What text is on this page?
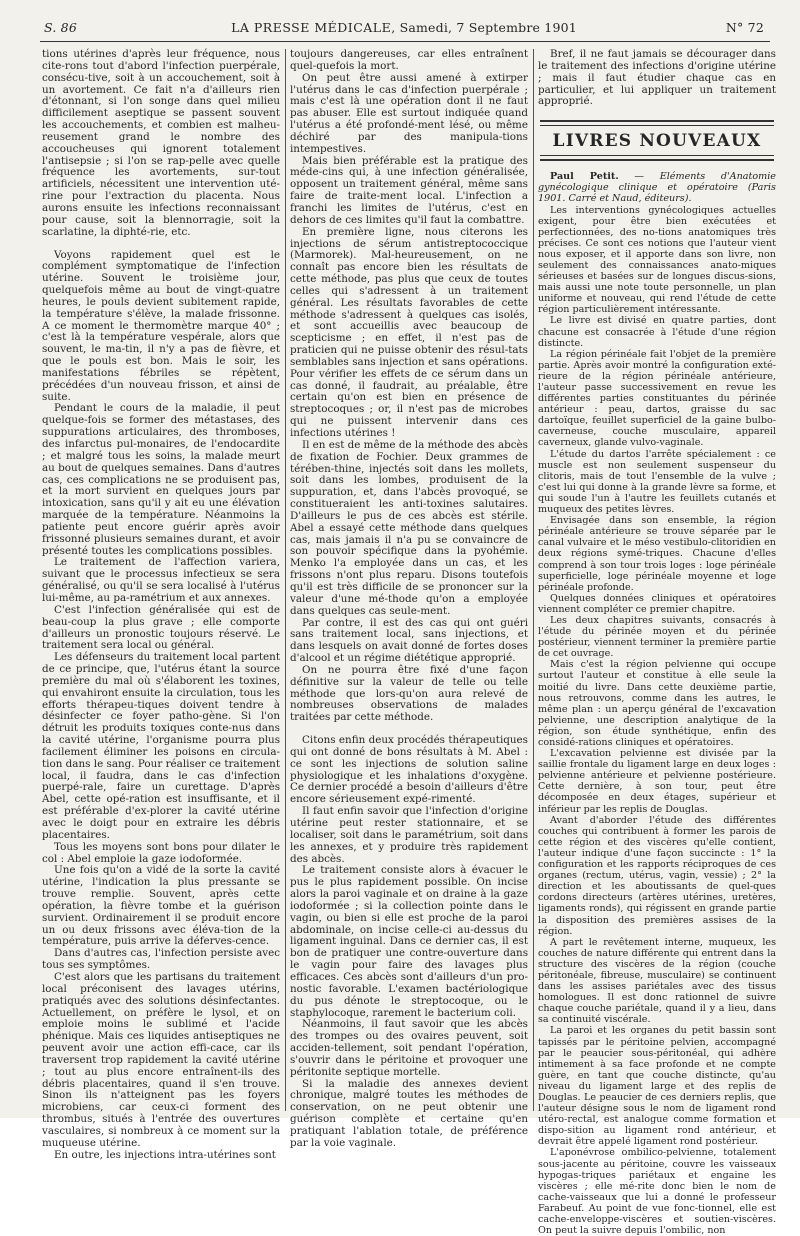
S. 86	LA PRESSE MÉDICALE, Samedi, 7 Septembre 1901	N° 72

tions utérines d'après leur fréquence, nous cite-rons tout d'abord l'infection puerpérale, consécu-tive, soit à un accouchement, soit à un avortement. Ce fait n'a d'ailleurs rien d'étonnant, si l'on songe dans quel milieu difficilement aseptique se passent souvent les accouchements, et combien est malheu-reusement grand le nombre des accoucheuses qui ignorent totalement l'antisepsie ; si l'on se rap-pelle avec quelle fréquence les avortements, sur-tout artificiels, nécessitent une intervention uté-rine pour l'extraction du placenta. Nous aurons ensuite les infections reconnaissant pour cause, soit la blennorragie, soit la scarlatine, la diphté-rie, etc.

Voyons rapidement quel est le complément symptomatique de l'infection utérine. Souvent le troisième jour, quelquefois même au bout de vingt-quatre heures, le pouls devient subitement rapide, la température s'élève, la malade frissonne. A ce moment le thermomètre marque 40° ; c'est là la température vespérale, alors que souvent, le ma-tin, il n'y a pas de fièvre, et que le pouls est bon. Mais le soir, les manifestations fébriles se répètent, précédées d'un nouveau frisson, et ainsi de suite.

Pendant le cours de la maladie, il peut quelque-fois se former des métastases, des suppurations articulaires, des thromboses, des infarctus pul-monaires, de l'endocardite ; et malgré tous les soins, la malade meurt au bout de quelques semaines. Dans d'autres cas, ces complications ne se produisent pas, et la mort survient en quelques jours par intoxication, sans qu'il y ait eu une élévation marquée de la température. Néanmoins la patiente peut encore guérir après avoir frissonné plusieurs semaines durant, et avoir présenté toutes les complications possibles.

Le traitement de l'affection variera, suivant que le processus infectieux se sera généralisé, ou qu'il se sera localisé à l'utérus lui-même, au pa-ramétrium et aux annexes.

C'est l'infection généralisée qui est de beau-coup la plus grave ; elle comporte d'ailleurs un pronostic toujours réservé. Le traitement sera local ou général.

Les défenseurs du traitement local partent de ce principe, que, l'utérus étant la source première du mal où s'élaborent les toxines, qui envahiront ensuite la circulation, tous les efforts thérapeu-tiques doivent tendre à désinfecter ce foyer patho-gène. Si l'on détruit les produits toxiques conte-nus dans la cavité utérine, l'organisme pourra plus facilement éliminer les poisons en circula-tion dans le sang. Pour réaliser ce traitement local, il faudra, dans le cas d'infection puerpé-rale, faire un curettage. D'après Abel, cette opé-ration est insuffisante, et il est préférable d'ex-plorer la cavité utérine avec le doigt pour en extraire les débris placentaires.

Tous les moyens sont bons pour dilater le col : Abel emploie la gaze iodoformée.

Une fois qu'on a vidé de la sorte la cavité utérine, l'indication la plus pressante se trouve remplie. Souvent, après cette opération, la fièvre tombe et la guérison survient. Ordinairement il se produit encore un ou deux frissons avec éléva-tion de la température, puis arrive la déferves-cence.

Dans d'autres cas, l'infection persiste avec tous ses symptômes.

C'est alors que les partisans du traitement local préconisent des lavages utérins, pratiqués avec des solutions désinfectantes. Actuellement, on préfère le lysol, et on emploie moins le sublimé et l'acide phénique. Mais ces liquides antiseptiques ne peuvent avoir une action effi-cace, car ils traversent trop rapidement la cavité utérine ; tout au plus encore entraînent-ils des débris placentaires, quand il s'en trouve. Sinon ils n'atteignent pas les foyers microbiens, car ceux-ci forment des thrombus, situés à l'entrée des ouvertures vasculaires, si nombreux à ce moment sur la muqueuse utérine.

En outre, les injections intra-utérines sont

toujours dangereuses, car elles entraînent quel-quefois la mort.

On peut être aussi amené à extirper l'utérus dans le cas d'infection puerpérale ; mais c'est là une opération dont il ne faut pas abuser. Elle est surtout indiquée quand l'utérus a été profondé-ment lésé, ou même déchiré par des manipula-tions intempestives.

Mais bien préférable est la pratique des méde-cins qui, à une infection généralisée, opposent un traitement général, même sans faire de traite-ment local. L'infection a franchi les limites de l'utérus, c'est en dehors de ces limites qu'il faut la combattre.

En première ligne, nous citerons les injections de sérum antistreptococcique (Marmorek). Mal-heureusement, on ne connaît pas encore bien les résultats de cette méthode, pas plus que ceux de toutes celles qui s'adressent à un traitement général. Les résultats favorables de cette méthode s'adressent à quelques cas isolés, et sont accueillis avec beaucoup de scepticisme ; en effet, il n'est pas de praticien qui ne puisse obtenir des résul-tats semblables sans injection et sans opérations. Pour vérifier les effets de ce sérum dans un cas donné, il faudrait, au préalable, être certain qu'on est bien en présence de streptocoques ; or, il n'est pas de microbes qui ne puissent intervenir dans ces infections utérines !

Il en est de même de la méthode des abcès de fixation de Fochier. Deux grammes de térében-thine, injectés soit dans les mollets, soit dans les lombes, produisent de la suppuration, et, dans l'abcès provoqué, se constitueraient les anti-toxines salutaires. D'ailleurs le pus de ces abcès est stérile. Abel a essayé cette méthode dans quelques cas, mais jamais il n'a pu se convaincre de son pouvoir spécifique dans la pyohémie. Menko l'a employée dans un cas, et les frissons n'ont plus reparu. Disons toutefois qu'il est très difficile de se prononcer sur la valeur d'une mé-thode qu'on a employée dans quelques cas seule-ment.

Par contre, il est des cas qui ont guéri sans traitement local, sans injections, et dans lesquels on avait donné de fortes doses d'alcool et un régime diététique approprié.

On ne pourra être fixé d'une façon définitive sur la valeur de telle ou telle méthode que lors-qu'on aura relevé de nombreuses observations de malades traitées par cette méthode.

Citons enfin deux procédés thérapeutiques qui ont donné de bons résultats à M. Abel : ce sont les injections de solution saline physiologique et les inhalations d'oxygène. Ce dernier procédé a besoin d'ailleurs d'être encore sérieusement expé-rimenté.

Il faut enfin savoir que l'infection d'origine utérine peut rester stationnaire, et se localiser, soit dans le paramétrium, soit dans les annexes, et y produire très rapidement des abcès.

Le traitement consiste alors à évacuer le pus le plus rapidement possible. On incise alors la paroi vaginale et on draine à la gaze iodoformée ; si la collection pointe dans le vagin, ou bien si elle est proche de la paroi abdominale, on incise celle-ci au-dessus du ligament inguinal. Dans ce dernier cas, il est bon de pratiquer une contre-ouverture dans le vagin pour faire des lavages plus efficaces. Ces abcès sont d'ailleurs d'un pro-nostic favorable. L'examen bactériologique du pus dénote le streptocoque, ou le staphylocoque, rarement le bacterium coli.

Néanmoins, il faut savoir que les abcès des trompes ou des ovaires peuvent, soit acciden-tellement, soit pendant l'opération, s'ouvrir dans le péritoine et provoquer une péritonite septique mortelle.

Si la maladie des annexes devient chronique, malgré toutes les méthodes de conservation, on ne peut obtenir une guérison complète et certaine qu'en pratiquant l'ablation totale, de préférence par la voie vaginale.

Bref, il ne faut jamais se décourager dans le traitement des infections d'origine utérine ; mais il faut étudier chaque cas en particulier, et lui appliquer un traitement approprié.

LIVRES NOUVEAUX

Paul Petit. — Eléments d'Anatomie gynécologique clinique et opératoire (Paris 1901. Carré et Naud, éditeurs).

Les interventions gynécologiques actuelles exigent, pour être bien exécutées et perfectionnées, des no-tions anatomiques très précises. Ce sont ces notions que l'auteur vient nous exposer, et il apporte dans son livre, non seulement des connaissances anato-miques sérieuses et basées sur de longues discus-sions, mais aussi une note toute personnelle, un plan uniforme et nouveau, qui rend l'étude de cette région particulièrement intéressante.

Le livre est divisé en quatre parties, dont chacune est consacrée à l'étude d'une région distincte.

La région périnéale fait l'objet de la première partie. Après avoir montré la configuration exté-rieure de la région périnéale antérieure, l'auteur passe successivement en revue les différentes parties constituantes du périnée antérieur : peau, dartos, graisse du sac dartoïque, feuillet superficiel de la gaine bulbo-caverneuse, couche musculaire, appareil caverneux, glande vulvo-vaginale.

L'étude du dartos l'arrête spécialement : ce muscle est non seulement suspenseur du clitoris, mais de tout l'ensemble de la vulve ; c'est lui qui donne à la grande lèvre sa forme, et qui soude l'un à l'autre les feuillets cutanés et muqueux des petites lèvres.

Envisagée dans son ensemble, la région périnéale antérieure se trouve séparée par le canal vulvaire et le méso vestibulo-clitoridien en deux régions symé-triques. Chacune d'elles comprend à son tour trois loges : loge périnéale superficielle, loge périnéale moyenne et loge périnéale profonde.

Quelques données cliniques et opératoires viennent compléter ce premier chapitre.

Les deux chapitres suivants, consacrés à l'étude du périnée moyen et du périnée postérieur, viennent terminer la première partie de cet ouvrage.

Mais c'est la région pelvienne qui occupe surtout l'auteur et constitue à elle seule la moitié du livre. Dans cette deuxième partie, nous retrouvons, comme dans les autres, le même plan : un aperçu général de l'excavation pelvienne, une description analytique de la région, son étude synthétique, enfin des considé-rations cliniques et opératoires.

L'excavation pelvienne est divisée par la saillie frontale du ligament large en deux loges : pelvienne antérieure et pelvienne postérieure. Cette dernière, à son tour, peut être décomposée en deux étages, supérieur et inférieur par les replis de Douglas.

Avant d'aborder l'étude des différentes couches qui contribuent à former les parois de cette région et des viscères qu'elle contient, l'auteur indique d'une façon succincte : 1° la configuration et les rapports réciproques de ces organes (rectum, utérus, vagin, vessie) ; 2° la direction et les aboutissants de quel-ques cordons directeurs (artères utérines, uretères, ligaments ronds), qui régissent en grande partie la disposition des premières assises de la région.

A part le revêtement interne, muqueux, les couches de nature différente qui entrent dans la structure des viscères de la région (couche péritonéale, fibreuse, musculaire) se continuent dans les assises pariétales avec des tissus homologues. Il est donc rationnel de suivre chaque couche pariétale, quand il y a lieu, dans sa continuité viscérale.

La paroi et les organes du petit bassin sont tapissés par le péritoine pelvien, accompagné par le peaucier sous-péritonéal, qui adhère intimement à sa face profonde et ne compte guère, en tant que couche distincte, qu'au niveau du ligament large et des replis de Douglas. Le peaucier de ces derniers replis, que l'auteur désigne sous le nom de ligament rond utéro-rectal, est analogue comme formation et dispo-sition au ligament rond antérieur, et devrait être appelé ligament rond postérieur.

L'aponévrose ombilico-pelvienne, totalement sous-jacente au péritoine, couvre les vaisseaux hypogas-triques pariétaux et engaine les viscères ; elle mé-rite donc bien le nom de cache-vaisseaux que lui a donné le professeur Farabeuf. Au point de vue fonc-tionnel, elle est cache-enveloppe-viscères et soutien-viscères. On peut la suivre depuis l'ombilic, non
